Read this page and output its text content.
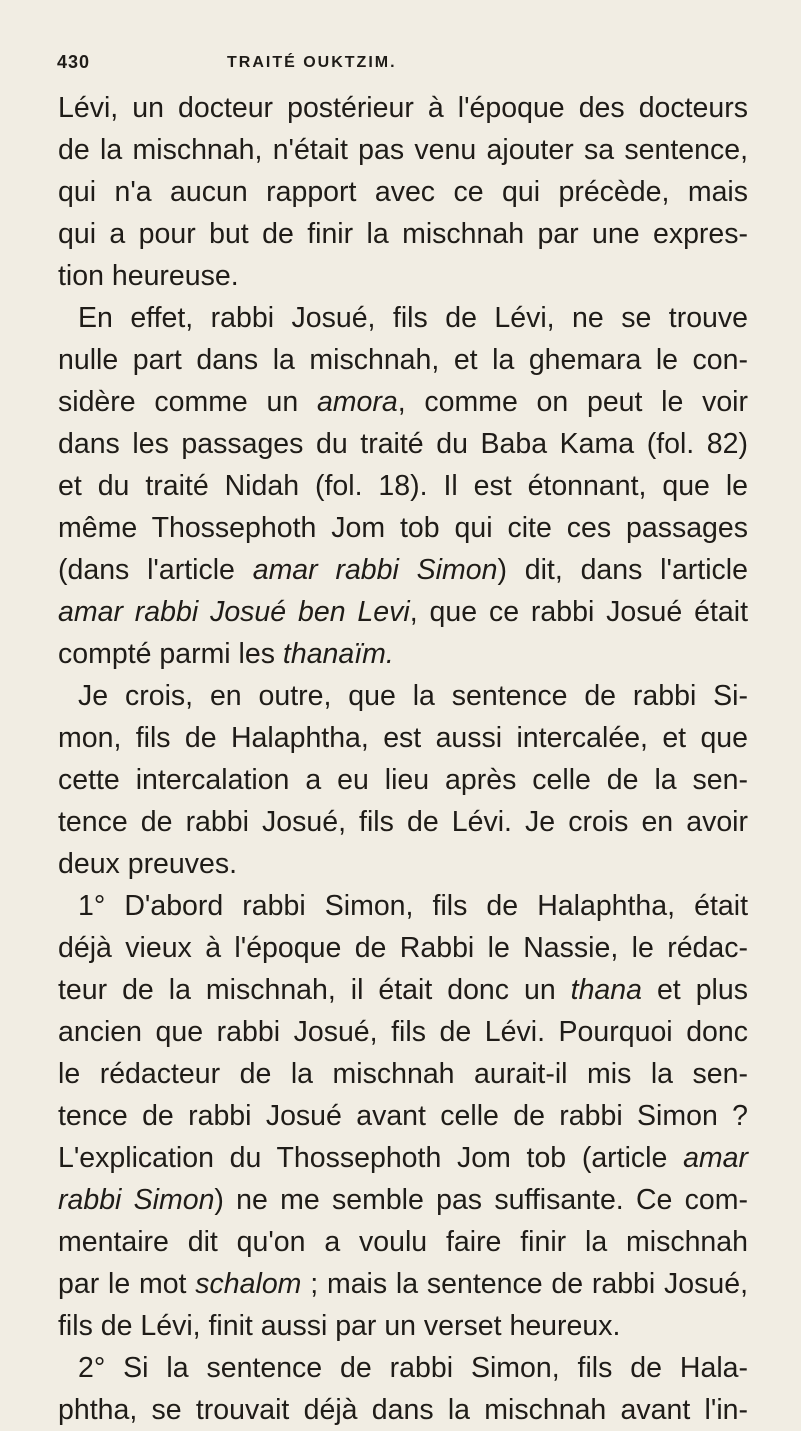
430	TRAITÉ OUKTZIM.
Lévi, un docteur postérieur à l'époque des docteurs
de la mischnah, n'était pas venu ajouter sa sentence,
qui n'a aucun rapport avec ce qui précède, mais
qui a pour but de finir la mischnah par une expres-
tion heureuse.
En effet, rabbi Josué, fils de Lévi, ne se trouve
nulle part dans la mischnah, et la ghemara le con-
sidère comme un amora, comme on peut le voir
dans les passages du traité du Baba Kama (fol. 82)
et du traité Nidah (fol. 18). Il est étonnant, que le
même Thossephoth Jom tob qui cite ces passages
(dans l'article amar rabbi Simon) dit, dans l'article
amar rabbi Josué ben Levi, que ce rabbi Josué était
compté parmi les thanaïm.
Je crois, en outre, que la sentence de rabbi Si-
mon, fils de Halaphtha, est aussi intercalée, et que
cette intercalation a eu lieu après celle de la sen-
tence de rabbi Josué, fils de Lévi. Je crois en avoir
deux preuves.
1° D'abord rabbi Simon, fils de Halaphtha, était
déjà vieux à l'époque de Rabbi le Nassie, le rédac-
teur de la mischnah, il était donc un thana et plus
ancien que rabbi Josué, fils de Lévi. Pourquoi donc
le rédacteur de la mischnah aurait-il mis la sen-
tence de rabbi Josué avant celle de rabbi Simon ?
L'explication du Thossephoth Jom tob (article amar
rabbi Simon) ne me semble pas suffisante. Ce com-
mentaire dit qu'on a voulu faire finir la mischnah
par le mot schalom ; mais la sentence de rabbi Josué,
fils de Lévi, finit aussi par un verset heureux.
2° Si la sentence de rabbi Simon, fils de Hala-
phtha, se trouvait déjà dans la mischnah avant l'in-
